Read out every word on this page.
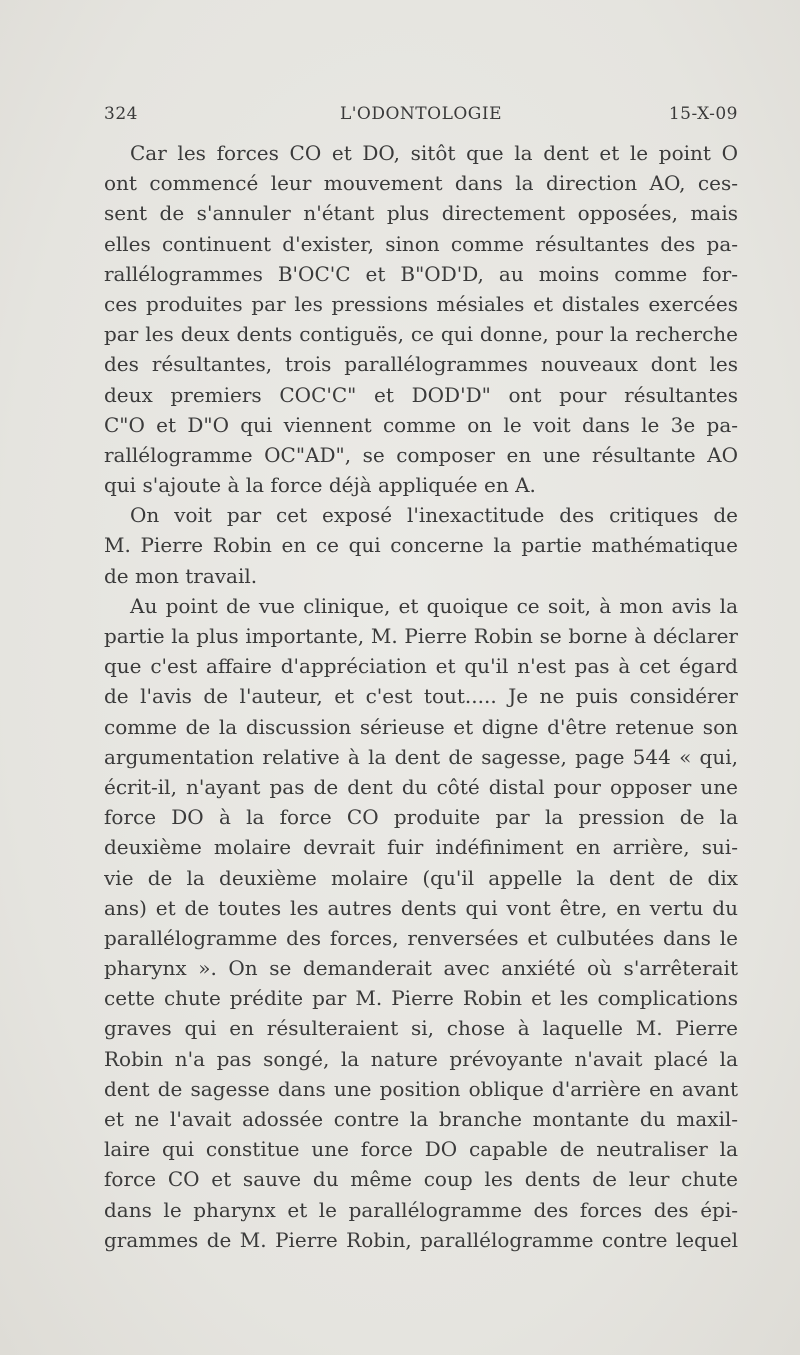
L'ODONTOLOGIE
324	15-X-09
Car les forces CO et DO, sitôt que la dent et le point O
ont commencé leur mouvement dans la direction AO, ces-
sent de s'annuler n'étant plus directement opposées, mais
elles continuent d'exister, sinon comme résultantes des pa-
rallélogrammes B'OC'C et B"OD'D, au moins comme for-
ces produites par les pressions mésiales et distales exercées
par les deux dents contiguës, ce qui donne, pour la recherche
des résultantes, trois parallélogrammes nouveaux dont les
deux premiers COC'C" et DOD'D" ont pour résultantes
C"O et D"O qui viennent comme on le voit dans le 3e pa-
rallélogramme OC"AD", se composer en une résultante AO
qui s'ajoute à la force déjà appliquée en A.
On voit par cet exposé l'inexactitude des critiques de
M. Pierre Robin en ce qui concerne la partie mathématique
de mon travail.
Au point de vue clinique, et quoique ce soit, à mon avis la
partie la plus importante, M. Pierre Robin se borne à déclarer
que c'est affaire d'appréciation et qu'il n'est pas à cet égard
de l'avis de l'auteur, et c'est tout..... Je ne puis considérer
comme de la discussion sérieuse et digne d'être retenue son
argumentation relative à la dent de sagesse, page 544 « qui,
écrit-il, n'ayant pas de dent du côté distal pour opposer une
force DO à la force CO produite par la pression de la
deuxième molaire devrait fuir indéfiniment en arrière, sui-
vie de la deuxième molaire (qu'il appelle la dent de dix
ans) et de toutes les autres dents qui vont être, en vertu du
parallélogramme des forces, renversées et culbutées dans le
pharynx ». On se demanderait avec anxiété où s'arrêterait
cette chute prédite par M. Pierre Robin et les complications
graves qui en résulteraient si, chose à laquelle M. Pierre
Robin n'a pas songé, la nature prévoyante n'avait placé la
dent de sagesse dans une position oblique d'arrière en avant
et ne l'avait adossée contre la branche montante du maxil-
laire qui constitue une force DO capable de neutraliser la
force CO et sauve du même coup les dents de leur chute
dans le pharynx et le parallélogramme des forces des épi-
grammes de M. Pierre Robin, parallélogramme contre lequel
